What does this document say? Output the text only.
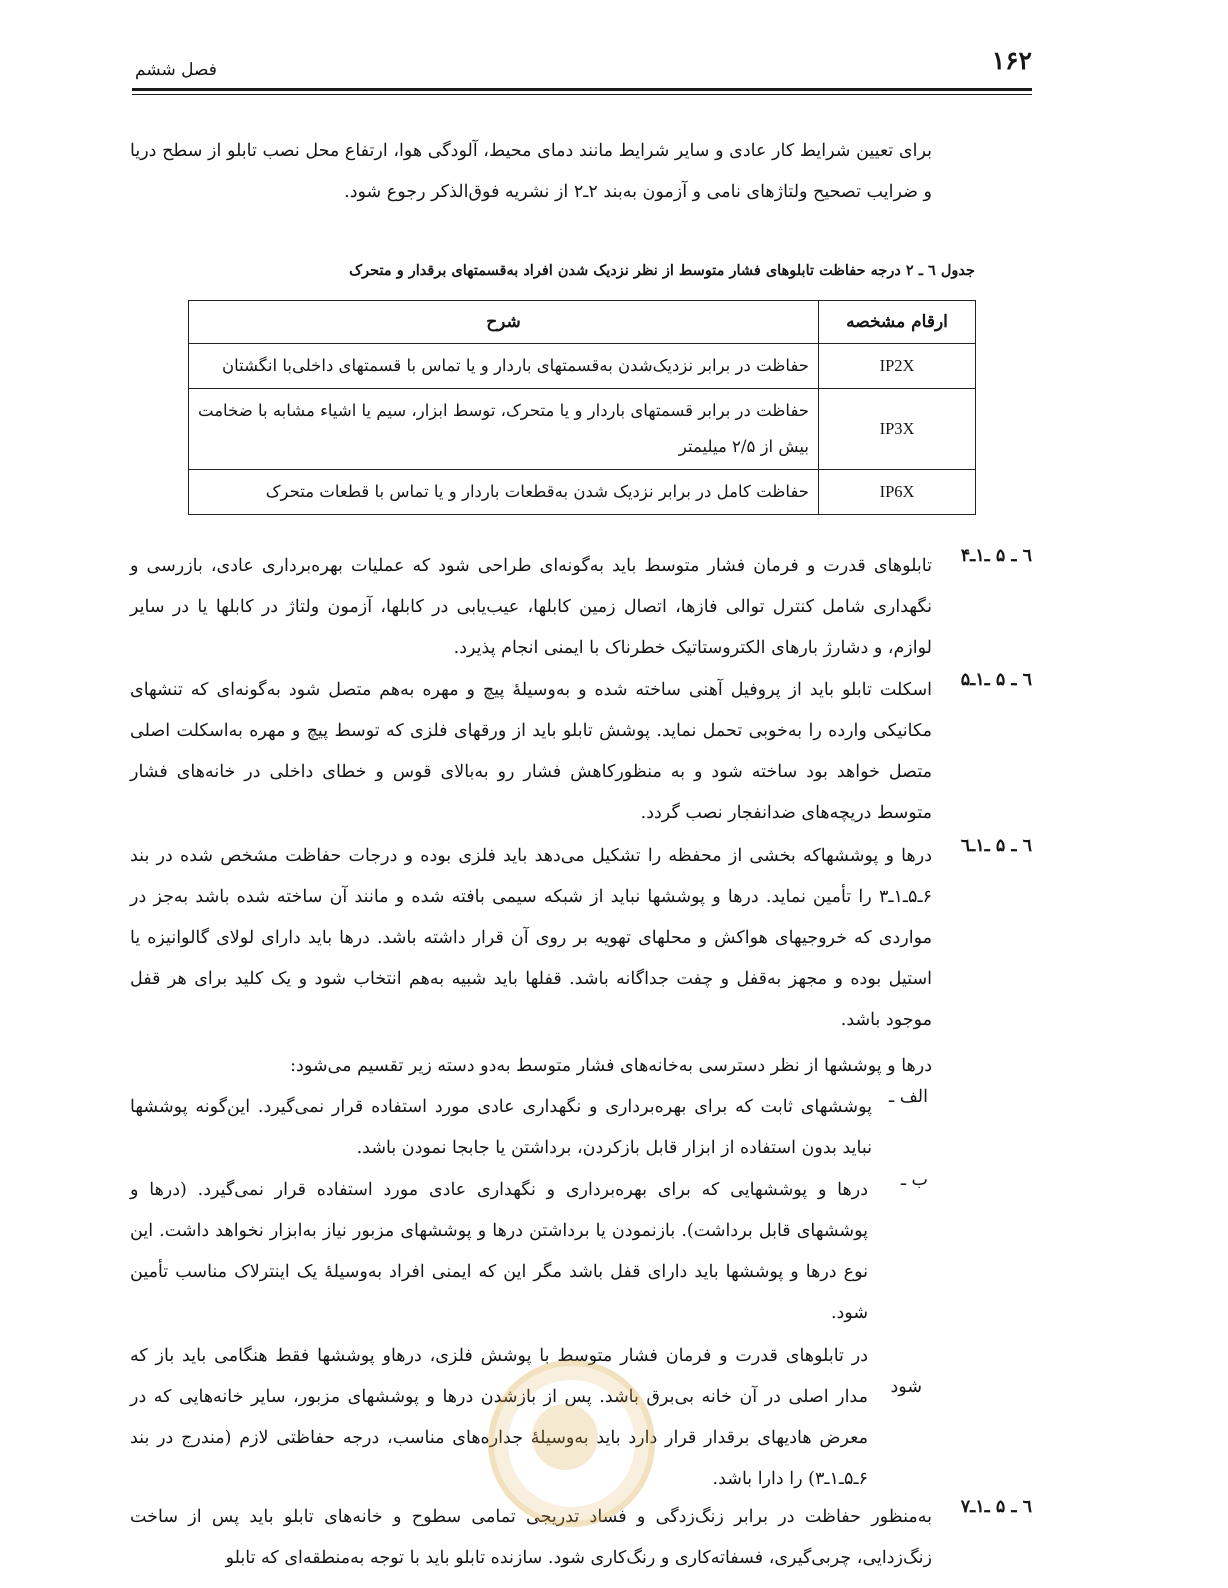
۱۶۲
فصل ششم
برای تعیین شرایط کار عادی و سایر شرایط مانند دمای محیط، آلودگی هوا، ارتفاع محل نصب تابلو از سطح دریا و ضرایب تصحیح ولتاژهای نامی و آزمون به‌بند ۲ـ۲ از نشریه فوق‌الذکر رجوع شود.
جدول ٦ ـ ۲ درجه حفاظت تابلوهای فشار متوسط از نظر نزدیک شدن افراد به‌قسمتهای برقدار و متحرک
ارقام مشخصه	شرح
IP2X	حفاظت در برابر نزدیک‌شدن به‌قسمتهای باردار و یا تماس با قسمتهای داخلی‌با انگشتان
IP3X	حفاظت در برابر قسمتهای باردار و یا متحرک، توسط ابزار، سیم یا اشیاء مشابه با ضخامت بیش از ۲/۵ میلیمتر
IP6X	حفاظت کامل در برابر نزدیک شدن به‌قطعات باردار و یا تماس با قطعات متحرک
٦ ـ ۵ ـ۱ـ۴
تابلوهای قدرت و فرمان فشار متوسط باید به‌گونه‌ای طراحی شود که عملیات بهره‌برداری عادی، بازرسی و نگهداری شامل کنترل توالی فازها، اتصال زمین کابلها، عیب‌یابی در کابلها، آزمون ولتاژ در کابلها یا در سایر لوازم، و دشارژ بارهای الکتروستاتیک خطرناک با ایمنی انجام پذیرد.
٦ ـ ۵ ـ۱ـ۵
اسکلت تابلو باید از پروفیل آهنی ساخته شده و به‌وسیلهٔ پیچ و مهره به‌هم متصل شود به‌گونه‌ای که تنشهای مکانیکی وارده را به‌خوبی تحمل نماید. پوشش تابلو باید از ورقهای فلزی که توسط پیچ و مهره به‌اسکلت اصلی متصل خواهد بود ساخته شود و به منظورکاهش فشار رو به‌بالای قوس و خطای داخلی در خانه‌های فشار متوسط دریچه‌های ضدانفجار نصب گردد.
٦ ـ ۵ ـ۱ـ٦
درها و پوششهاکه بخشی از محفظه را تشکیل می‌دهد باید فلزی بوده و درجات حفاظت مشخص شده در بند ۶ـ۵ـ۱ـ۳ را تأمین نماید. درها و پوششها نباید از شبکه سیمی بافته شده و مانند آن ساخته شده باشد به‌جز در مواردی که خروجیهای هواکش و محلهای تهویه بر روی آن قرار داشته باشد. درها باید دارای لولای گالوانیزه یا استیل بوده و مجهز به‌قفل و چفت جداگانه باشد. قفلها باید شبیه به‌هم انتخاب شود و یک کلید برای هر قفل موجود باشد.
درها و پوششها از نظر دسترسی به‌خانه‌های فشار متوسط به‌دو دسته زیر تقسیم می‌شود:
الف ـ
پوششهای ثابت که برای بهره‌برداری و نگهداری عادی مورد استفاده قرار نمی‌گیرد. این‌گونه پوششها نباید بدون استفاده از ابزار قابل بازکردن، برداشتن یا جابجا نمودن باشد.
ب ـ
درها و پوششهایی که برای بهره‌برداری و نگهداری عادی مورد استفاده قرار نمی‌گیرد. (درها و پوششهای قابل برداشت). بازنمودن یا برداشتن درها و پوششهای مزبور نیاز به‌ابزار نخواهد داشت. این نوع درها و پوششها باید دارای قفل باشد مگر این که ایمنی افراد به‌وسیلهٔ یک اینترلاک مناسب تأمین شود.
شود
در تابلوهای قدرت و فرمان فشار متوسط با پوشش فلزی، درهاو پوششها فقط هنگامی باید باز که مدار اصلی در آن خانه بی‌برق باشد. پس از بازشدن درها و پوششهای مزبور، سایر خانه‌هایی که در معرض هادیهای برقدار قرار دارد باید به‌وسیلهٔ جداره‌های مناسب، درجه حفاظتی لازم (مندرج در بند ۶ـ۵ـ۱ـ۳) را دارا باشد.
٦ ـ ۵ ـ۱ـ۷
به‌منظور حفاظت در برابر زنگ‌زدگی و فساد تدریجی تمامی سطوح و خانه‌های تابلو باید پس از ساخت زنگ‌زدایی، چربی‌گیری، فسفاته‌کاری و رنگ‌کاری شود. سازنده تابلو باید با توجه به‌منطقه‌ای که تابلو
